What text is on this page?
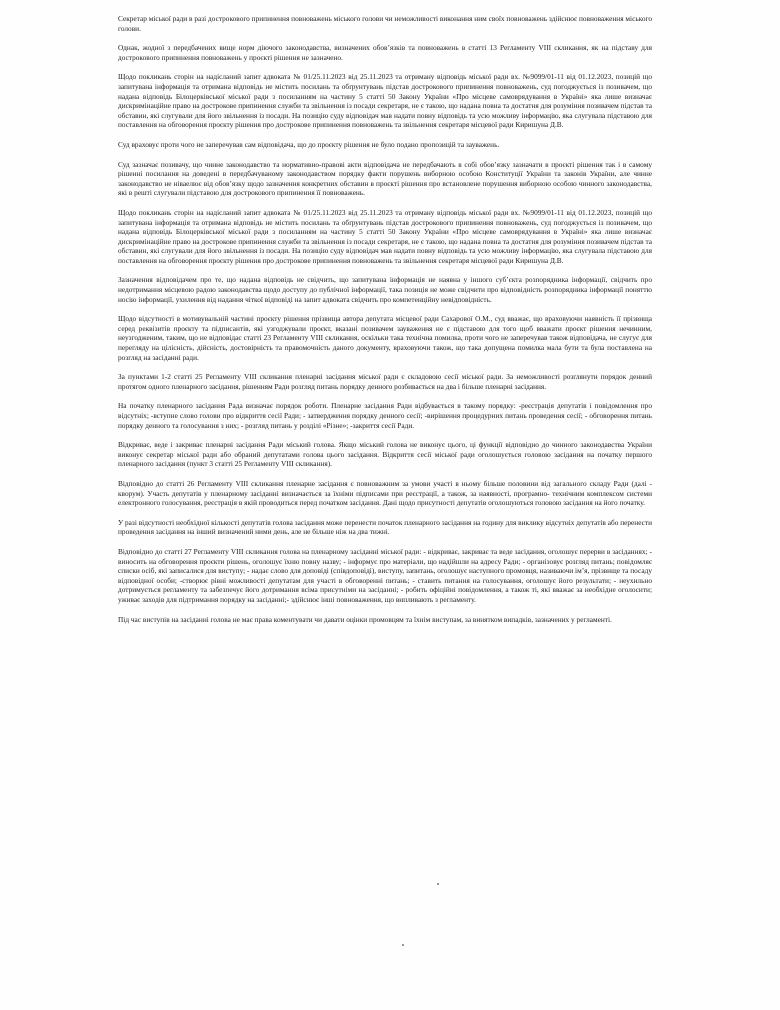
Секретар міської ради в разі дострокового припинення повноважень міського голови чи неможливості виконання ним своїх повноважень здійснює повноваження міського голови.

Однак, жодної з передбачених вище норм діючого законодавства, визначених обов’язків та повноважень в статті 13 Регламенту VIII скликання, як на підставу для дострокового припинення повноважень у проєкті рішення не зазначено.

Щодо покликань сторін на надісланий запит адвоката № 01/25.11.2023 від 25.11.2023 та отриману відповідь міської ради вх. №9099/01-11 від 01.12.2023, позицій що запитувана інформація та отримана відповідь не містить посилань та обґрунтувань підстав дострокового припинення повноважень, суд погоджується із позивачем, що надана відповідь Білоцерківської міської ради з посиланням на частину 5 статті 50 Закону України «Про місцеве самоврядування в Україні» яка лише визначає дискримінаційне право на дострокове припинення служби та звільнення із посади секретаря, не є такою, що надана повна та достатня для розуміння позивачем підстав та обставин, які слугували для його звільнення із посади. На позицію суду відповідач мав надати повну відповідь та усю можливу інформацію, яка слугувала підставою для поставлення на обговорення проєкту рішення про дострокове припинення повноважень та звільнення секретаря місцевої ради Киришуна Д.В.

Суд враховує проти чого не заперечував сам відповідача, що до проєкту рішення не було подано пропозицій та зауважень.

Суд зазначає позивачу, що чинне законодавство та нормативно-правові акти відповідача не передбачають в собі обов’язку зазначати в проєкті рішення так і в самому рішенні посилання на доведені в передбачуваному законодавством порядку факти порушень виборною особою Конституції України та законів України, але чинне законодавство не ніваелює від обов’язку щодо зазначення конкретних обставин в проєкті рішення про встановлене порушення виборною особою чинного законодавства, які в решті слугували підставою для дострокового припинення її повноважень.

Щодо покликань сторін на надісланий запит адвоката № 01/25.11.2023 від 25.11.2023 та отриману відповідь міської ради вх. №9099/01-11 від 01.12.2023, позицій що запитувана інформація та отримана відповідь не містить посилань та обґрунтувань підстав дострокового припинення повноважень, суд погоджується із позивачем, що надана відповідь Білоцерківської міської ради з посиланням на частину 5 статті 50 Закону України «Про місцеве самоврядування в Україні» яка лише визначає дискримінаційне право на дострокове припинення служби та звільнення із посади секретаря, не є такою, що надана повна та достатня для розуміння позивачем підстав та обставин, які слугували для його звільнення із посади. На позицію суду відповідач мав надати повну відповідь та усю можливу інформацію, яка слугувала підставою для поставлення на обговорення проєкту рішення про дострокове припинення повноважень та звільнення секретаря місцевої ради Киришуна Д.В.

Зазначення відповідачем про те, що надана відповідь не свідчить, що запитувана інформація не наявна у іншого суб’єкта розпорядника інформації, свідчить про недотримання місцевою радою законодавства щодо доступу до публічної інформації, така позиція не може свідчити про відповідність розпорядника інформації поняттю носію інформації, ухилення від надання чіткої відповіді на запит адвоката свідчить про компетенційну невідповідність.

Щодо відсутності в мотивувальній частині проєкту рішення прізвища автора депутата місцевої ради Сахарової О.М., суд вважає, що враховуючи наявність її прізвища серед реквізитів проєкту та підписантів, які узгоджували проєкт, вказані позивачем зауваження не є підставою для того щоб вважати проєкт рішення нечинним, неузгодженим, таким, що не відповідає статті 23 Регламенту VIII скликання, оскільки така технічна помилка, проти чого не заперечував також відповідача, не слугує для перегляду на цілісність, дійсність, достовірність та правомочність даного документу, враховуючи також, що така допущена помилка мала бути та була поставлена на розгляд на засіданні ради.

За пунктами 1-2 статті 25 Регламенту VIII скликання пленарні засідання міської ради є складовою сесії міської ради. За неможливості розглянути порядок денний протягом одного пленарного засідання, рішенням Ради розгляд питань порядку денного розбивається на два і більше пленарні засідання.

На початку пленарного засідання Рада визначає порядок роботи. Пленарне засідання Ради відбувається в такому порядку: -реєстрація депутатів і повідомлення про відсутніх; -вступне слово голови про відкриття сесії Ради; - затвердження порядку денного сесії; -вирішення процедурних питань проведення сесії; - обговорення питань порядку денного та голосування з них; - розгляд питань у розділі «Різне»; -закриття сесії Ради.

Відкриває, веде і закриває пленарні засідання Ради міський голова. Якщо міський голова не виконує цього, ці функції відповідно до чинного законодавства України виконує секретар міської ради або обраний депутатами голова цього засідання. Відкриття сесії міської ради оголошується головою засідання на початку першого пленарного засідання (пункт 3 статті 25 Регламенту VIII скликання).

Відповідно до статті 26 Регламенту VIII скликання пленарне засідання є повноважним за умови участі в ньому більше половини від загального складу Ради (далі - кворум). Участь депутатів у пленарному засіданні визначається за їхніми підписами при реєстрації, а також, за наявності, програмно- технічним комплексом системи електронного голосування, реєстрація в якій проводиться перед початком засідання. Дані щодо присутності депутатів оголошуються головою засідання на його початку.

У разі відсутності необхідної кількості депутатів голова засідання може перенести початок пленарного засідання на годину для виклику відсутніх депутатів або перенести проведення засідання на інший визначений ними день, але не більше ніж на два тижні.

Відповідно до статті 27 Регламенту VIII скликання голова на пленарному засіданні міської ради: - відкриває, закриває та веде засідання, оголошує перерви в засіданнях; - виносить на обговорення проєкти рішень, оголошує їхню повну назву; - інформує про матеріали, що надійшли на адресу Ради; - організовує розгляд питань; повідомляє списки осіб, які записалися для виступу; - надає слово для доповіді (співдоповіді), виступу, запитань, оголошує наступного промовця, називаючи ім’я, прізвище та посаду відповідної особи; -створює рівні можливості депутатам для участі в обговоренні питань; - ставить питання на голосування, оголошує його результати; - неухильно дотримується регламенту та забезпечує його дотримання всіма присутніми на засіданні; - робить офіційні повідомлення, а також ті, які вважає за необхідне оголосити; уживає заходів для підтримання порядку на засіданні;- здійснює інші повноваження, що випливають з регламенту.

Під час виступів на засіданні голова не має права коментувати чи давати оцінки промовцям та їхнім виступам, за винятком випадків, зазначених у регламенті.
